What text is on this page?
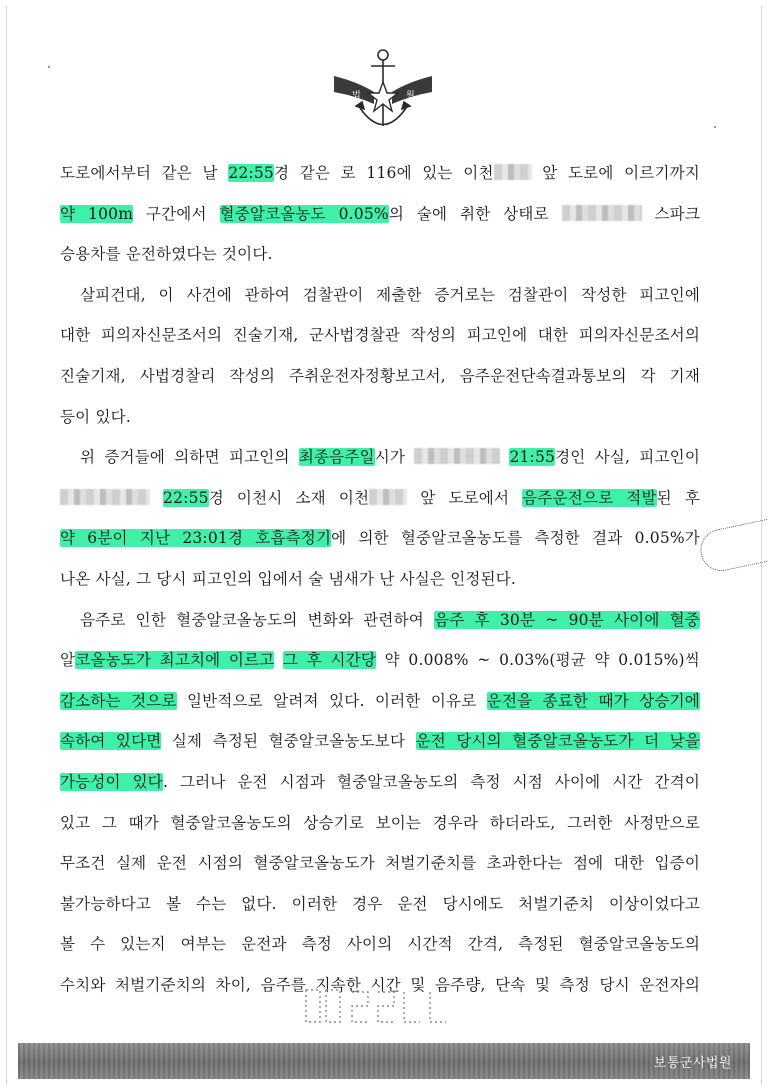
법	원
도로에서부터 같은 날 22:55경 같은 로 116에 있는 이천 앞 도로에 이르기까지
약 100m 구간에서 혈중알코올농도 0.05%의 술에 취한 상태로	스파크
승용차를 운전하였다는 것이다.
살피건대, 이 사건에 관하여 검찰관이 제출한 증거로는 검찰관이 작성한 피고인에
대한 피의자신문조서의 진술기재, 군사법경찰관 작성의 피고인에 대한 피의자신문조서의
진술기재, 사법경찰리 작성의 주취운전자정황보고서, 음주운전단속결과통보의 각 기재
등이 있다.
위 증거들에 의하면 피고인의 최종음주일시가	21:55경인 사실, 피고인이
22:55경 이천시 소재 이천 앞 도로에서 음주운전으로 적발된 후
약 6분이 지난 23:01경 호흡측정기에 의한 혈중알코올농도를 측정한 결과 0.05%가
나온 사실, 그 당시 피고인의 입에서 술 냄새가 난 사실은 인정된다.
음주로 인한 혈중알코올농도의 변화와 관련하여 음주 후 30분 ~ 90분 사이에 혈중
알코올농도가 최고치에 이르고 그 후 시간당 약 0.008% ~ 0.03%(평균 약 0.015%)씩
감소하는 것으로 일반적으로 알려져 있다. 이러한 이유로 운전을 종료한 때가 상승기에
속하여 있다면 실제 측정된 혈중알코올농도보다 운전 당시의 혈중알코올농도가 더 낮을
가능성이 있다. 그러나 운전 시점과 혈중알코올농도의 측정 시점 사이에 시간 간격이
있고 그 때가 혈중알코올농도의 상승기로 보이는 경우라 하더라도, 그러한 사정만으로
무조건 실제 운전 시점의 혈중알코올농도가 처벌기준치를 초과한다는 점에 대한 입증이
불가능하다고 볼 수는 없다. 이러한 경우 운전 당시에도 처벌기준치 이상이었다고
볼 수 있는지 여부는 운전과 측정 사이의 시간적 간격, 측정된 혈중알코올농도의
수치와 처벌기준치의 차이, 음주를 지속한 시간 및 음주량, 단속 및 측정 당시 운전자의
보통군사법원
